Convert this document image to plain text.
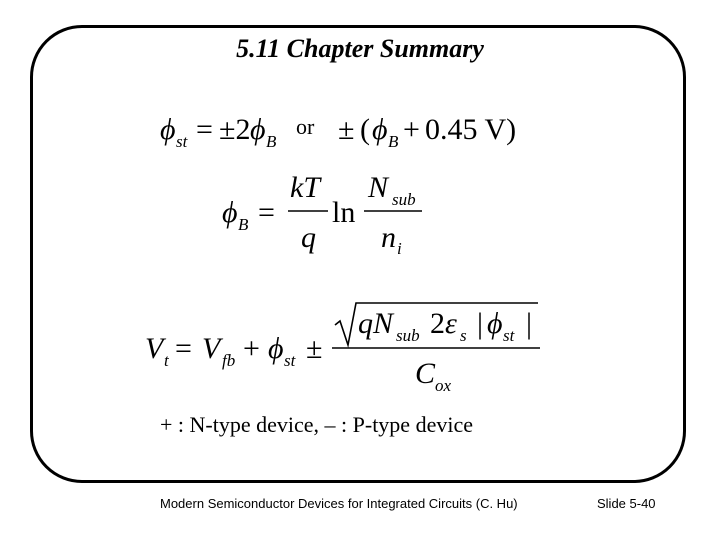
5.11 Chapter Summary
ϕ st = ±2 ϕ B
or ± ( ϕ B + 0.45 V)
ϕ B =
kT
q
ln
N sub
n i
V t = V fb + ϕ st ±
qN sub 2 ε s | ϕ st |
C ox
+ : N-type device, – : P-type device
Modern Semiconductor Devices for Integrated Circuits (C. Hu)	Slide 5-40
